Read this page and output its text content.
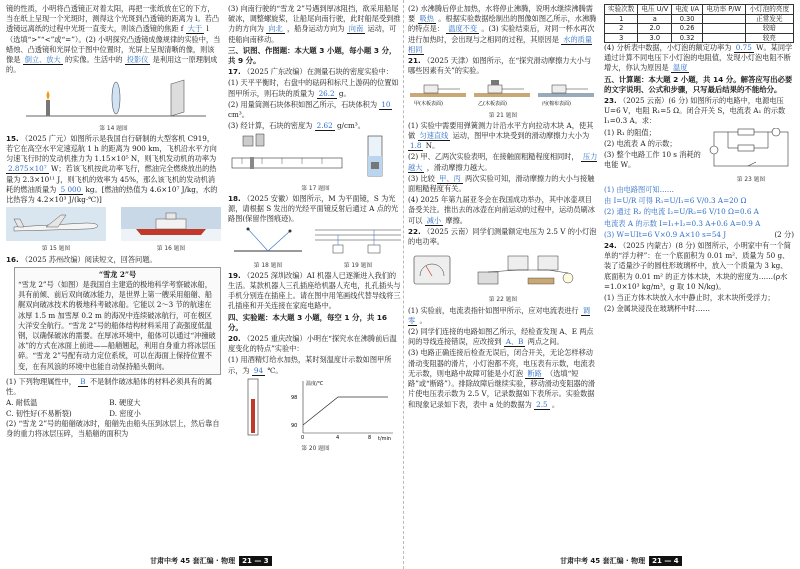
镜的性质，小明将凸透镜正对着太阳，再把一张纸放在它的下方，当在纸上呈现一个光斑时，测得这个光斑到凸透镜的距离为 l。若凸透镜远离纸的过程中光斑一直变大，则该凸透镜的焦距 f 大于 l（选填“>”“<”或“=”）。(2) 小明探究凸透镜成像规律的实验中，当蜡烛、凸透镜和光屏位于图中位置时，光屏上呈现清晰的像，则该像是 倒立、放大 的实像。生活中的 投影仪 是利用这一原理制成的。

第 14 题图

15. （2025 广元）如图所示是我国自行研制的大型客机 C919，若它在高空水平定速巡航 1 h 的距离为 900 km，飞机沿水平方向匀速飞行时的发动机推力为 1.15×10⁵ N，则飞机发动机的功率为 2.875×10⁷ W；若该飞机按此功率飞行，燃油完全燃烧放出的热量为 2.3×10¹¹ J，则飞机的效率为 45%，那么该飞机的发动机消耗的燃油质量为 5 000 kg。[燃油的热值为 4.6×10⁷ J/kg，水的比热容为 4.2×10³ J/(kg·℃)]

第 15 题图	第 16 题图

16. （2025 苏州改编）阅读短文，回答问题。

“雪龙 2”号
“雪龙 2”号（如图）是我国自主建造的极地科学考察破冰船，具有前倾、前后双向破冰能力，是世界上第一艘采用船艏、船艉双向破冰技术的极地科考破冰船。它能以 2～3 节的航速在冰厚 1.5 m 加雪厚 0.2 m 的海况中连续破冰航行，可在极区大洋安全航行。“雪龙 2”号的船体结构材料采用了高强度低温钢，以确保破冰的需要。在厚冰环境中，船体可以通过“冲撞破冰”的方式在冰面上前进——船艏翘起，利用自身重力将冰层压碎。“雪龙 2”号配有动力定位系统，可以在海面上保持位置不变，在有风浪的环境中也能自动保持船头朝向。

(1) 下列物理属性中， B 不是制作破冰船体的材料必须具有的属性。

A. 耐低温	B. 硬度大 C. 韧性好(不易断裂)	D. 密度小

(2) “雪龙 2”号的船艏破冰时，船艏先由船头压到冰层上，然后靠自身的重力将冰层压碎，当船艏的面积为

(3) 向南行驶的“雪龙 2”号遇到厚冰阻挡，欲采用船尾破冰，调整螺旋桨，让船尾向南行驶，此时船尾受到推力的方向为 向北 ，船身运动方向为 向南 运动，可使船向南移动。

三、识图、作图题：本大题 3 小题，每小题 3 分，共 9 分。

17. （2025 广东改编）在测量石块的密度实验中：

(1) 天平平衡时，右盘中的砝码和标尺上游码的位置如图甲所示，则石块的质量为 26.2 g。

(2) 用量筒测石块体积如图乙所示，石块体积为 10 cm³。

(3) 经计算，石块的密度为 2.62 g/cm³。

第 17 题图

18. （2025 安徽）如图所示，M 为平面镜，S 为光源，请根据 S 发出的光经平面镜反射后通过 A 点的光路图(保留作图痕迹)。

第 18 题图	第 19 题图

19. （2025 深圳改编）AI 机器人已逐渐进入我们的生活。某款机器人三孔插座给机器人充电，扎孔插头与手机分别连在插座上。请在图中用笔画线代替导线将三孔插座和开关连接在家庭电路中。

四、实验题：本大题 3 小题，每空 1 分，共 16 分。

20. （2025 重庆改编）小明在“探究水在沸腾前后温度变化的特点”实验中：

(1) 用酒精灯给水加热，某时刻温度计示数如图甲所示，为 94 ℃。

温度/℃
t/min
98
90
0	4	8
第 20 题图

(2) 水沸腾后停止加热，水将停止沸腾，说明水继续沸腾需要 吸热 。根据实验数据绘制出的图像如图乙所示，水沸腾的特点是： 温度不变 。(3) 实验结束后，对同一杯水再次进行加热时，会出现与之相同的过程，其原因是 水的质量相同

21. （2025 天津）如图所示，在“探究滑动摩擦力大小与哪些因素有关”的实验。

甲(木板表面)	乙(木板表面)	丙(棉布表面)
第 21 题图

(1) 实验中需要用弹簧测力计沿水平方向拉动木块 A，使其做 匀速直线 运动，图甲中木块受到的滑动摩擦力大小为 1.8 N。

(2) 甲、乙两次实验表明，在接触面粗糙程度相同时， 压力越大 ，滑动摩擦力越大。

(3) 比较 甲、丙 两次实验可知，滑动摩擦力的大小与接触面粗糙程度有关。

(4) 2025 年第九届亚冬会在我国成功举办，其中冰壶项目备受关注。推出去的冰壶在向前运动的过程中，运动员刷冰可以 减小 摩擦。

22. （2025 云南）同学们测量额定电压为 2.5 V 的小灯泡的电功率。

第 22 题图

(1) 实验前，电流表指针如图甲所示，应对电流表进行 调零 。

(2) 同学们连接的电路如图乙所示，经检查发现 A、E 两点间的导线连接错误，应改接到 A、B 两点之间。

(3) 电路正确连接后检查无误后，闭合开关，无论怎样移动滑动变阻器的滑片，小灯泡都不亮，电压表有示数，电流表无示数，则电路中故障可能是小灯泡 断路 （选填“短路”或“断路”）。排除故障后继续实验，移动滑动变阻器的滑片使电压表示数为 2.5 V，记录数据如下表所示。实验数据和现象记录如下表，表中 a 处的数据为 2.5 。

实验次数	电压 U/V	电流 I/A	电功率 P/W	小灯泡的亮度
1	a	0.30		正常发光
2	2.0	0.26		较暗
3	3.0	0.32		较亮

(4) 分析表中数据，小灯泡的额定功率为 0.75 W。某同学通过计算不同电压下小灯泡的电阻值，发现小灯泡电阻不断增大，你认为原因是 温度

五、计算题：本大题 2 小题，共 14 分。解答应写出必要的文字说明、公式和步骤，只写最后结果的不能给分。

23. （2025 云南）(6 分) 如图所示的电路中，电源电压 U=6 V，电阻 R₁=5 Ω。闭合开关 S，电流表 A₁ 的示数 I₁=0.3 A。求：

(1) R₁ 的阻值；

(2) 电流表 A 的示数；

(3) 整个电路工作 10 s 消耗的电能 W。

第 23 题图

(1) 由电路图可知……

由 I=U/R 可得 R₁=U/I₁=6 V/0.3 A=20 Ω

(2) 通过 R₂ 的电流 I₂=U/R₂=6 V/10 Ω=0.6 A

电流表 A 的示数 I=I₁+I₂=0.3 A+0.6 A=0.9 A

(3) W=UIt=6 V×0.9 A×10 s=54 J	(2 分)

24. （2025 内蒙古）(8 分) 如图所示，小明家中有一个简单的“浮力秤”：在一个底面积为 0.01 m²、质量为 50 g、装了适量沙子的圆柱形玻璃杯中，放入一个质量为 3 kg、底面积为 0.01 m² 的正方体木块，木块的密度为……(ρ水=1.0×10³ kg/m³，g 取 10 N/kg)。

(1) 当正方体木块放入水中静止时，求木块所受浮力；

(2) 金属块浸没在玻璃杯中时……

甘肃中考 45 套汇编 · 物理	21 — 3	甘肃中考 45 套汇编 · 物理	21 — 4
